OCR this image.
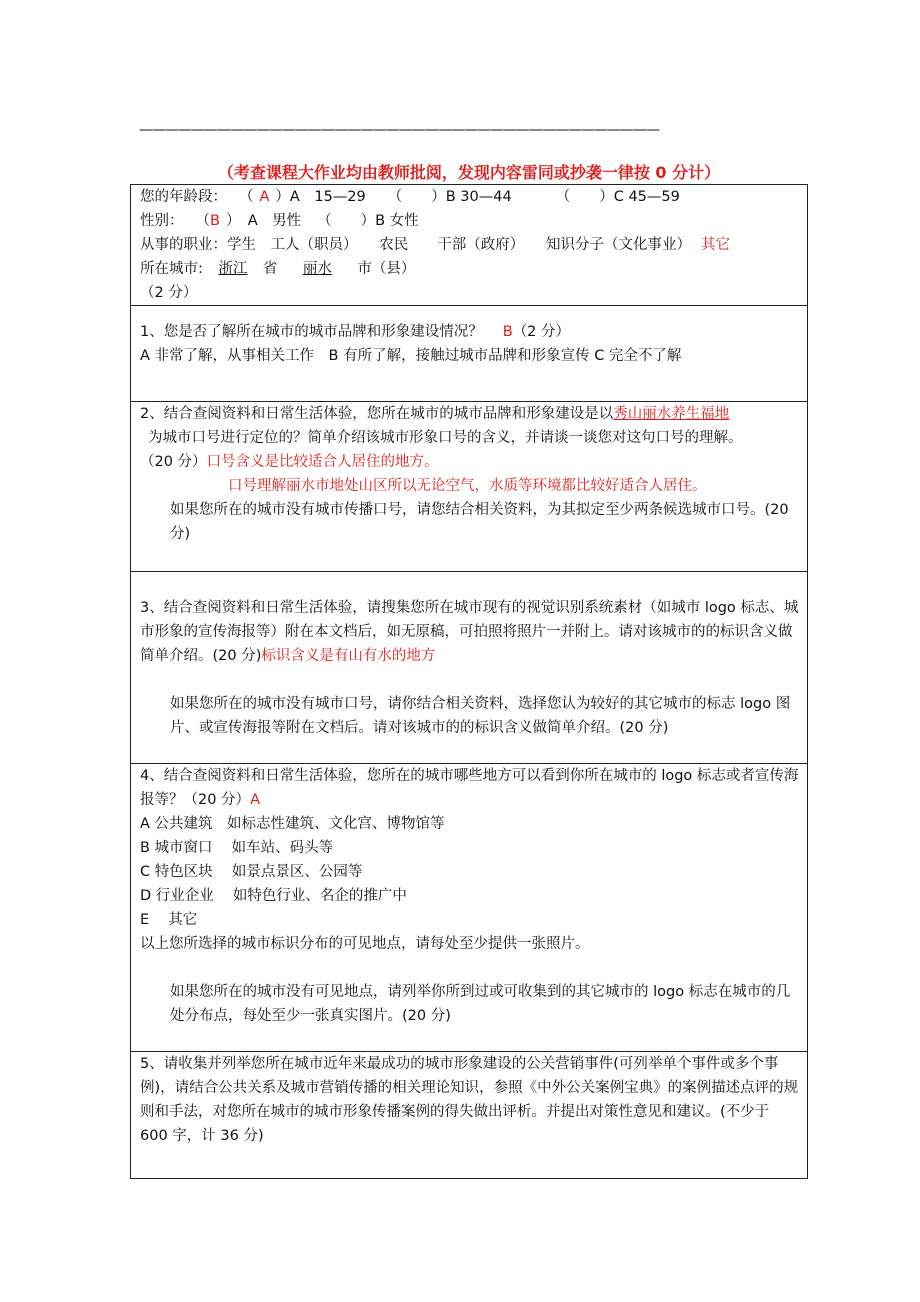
————————————————————————————————————————
（考查课程大作业均由教师批阅，发现内容雷同或抄袭一律按 0 分计）
您的年龄段： （ A ）A　15—29 （　　）B 30—44	（　　）C 45—59
性别： （B ）　A　男性 （　　）B 女性
从事的职业：学生　工人（职员）　　农民　　干部（政府）　　知识分子（文化事业） 其它
所在城市: 浙江 省 丽水 市（县）
（2 分）

1、您是否了解所在城市的城市品牌和形象建设情况？ B（2 分）
A 非常了解，从事相关工作　B 有所了解，接触过城市品牌和形象宣传 C 完全不了解

2、结合查阅资料和日常生活体验，您所在城市的城市品牌和形象建设是以秀山丽水养生福地
为城市口号进行定位的？简单介绍该城市形象口号的含义，并请谈一谈您对这句口号的理解。
（20 分）口号含义是比较适合人居住的地方。
口号理解丽水市地处山区所以无论空气，水质等环境都比较好适合人居住。
如果您所在的城市没有城市传播口号，请您结合相关资料，为其拟定至少两条候选城市口号。(20 分)

3、结合查阅资料和日常生活体验，请搜集您所在城市现有的视觉识别系统素材（如城市 logo 标志、城市形象的宣传海报等）附在本文档后，如无原稿，可拍照将照片一并附上。请对该城市的的标识含义做简单介绍。(20 分)标识含义是有山有水的地方
如果您所在的城市没有城市口号，请你结合相关资料，选择您认为较好的其它城市的标志 logo 图片、或宣传海报等附在文档后。请对该城市的的标识含义做简单介绍。(20 分)

4、结合查阅资料和日常生活体验，您所在的城市哪些地方可以看到你所在城市的 logo 标志或者宣传海报等？（20 分）A
A 公共建筑　如标志性建筑、文化宫、博物馆等
B 城市窗口　 如车站、码头等
C 特色区块　 如景点景区、公园等
D 行业企业　 如特色行业、名企的推广中
E　 其它
以上您所选择的城市标识分布的可见地点，请每处至少提供一张照片。
如果您所在的城市没有可见地点，请列举你所到过或可收集到的其它城市的 logo 标志在城市的几处分布点，每处至少一张真实图片。(20 分)

5、请收集并列举您所在城市近年来最成功的城市形象建设的公关营销事件(可列举单个事件或多个事例)，请结合公共关系及城市营销传播的相关理论知识，参照《中外公关案例宝典》的案例描述点评的规则和手法，对您所在城市的城市形象传播案例的得失做出评析。并提出对策性意见和建议。(不少于 600 字，计 36 分)
